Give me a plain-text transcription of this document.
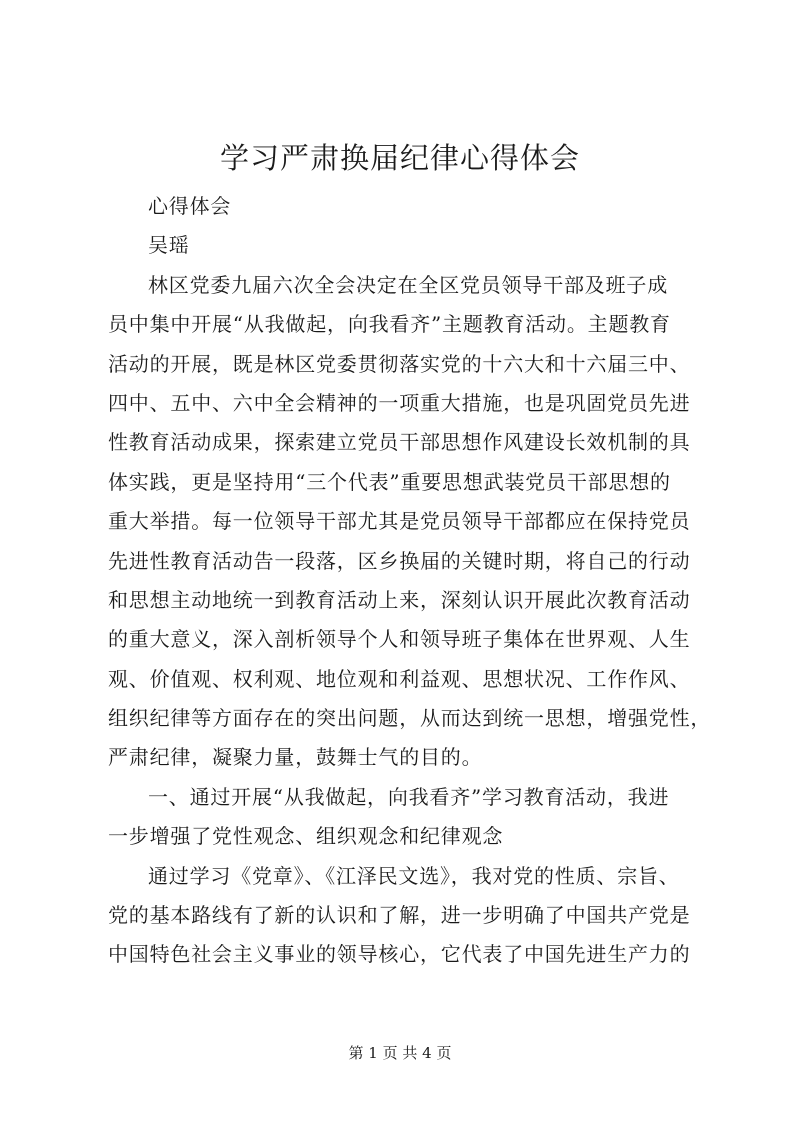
学习严肃换届纪律心得体会
心得体会
吴瑶
林区党委九届六次全会决定在全区党员领导干部及班子成
员中集中开展“从我做起，向我看齐”主题教育活动。主题教育
活动的开展，既是林区党委贯彻落实党的十六大和十六届三中、
四中、五中、六中全会精神的一项重大措施，也是巩固党员先进
性教育活动成果，探索建立党员干部思想作风建设长效机制的具
体实践，更是坚持用“三个代表”重要思想武装党员干部思想的
重大举措。每一位领导干部尤其是党员领导干部都应在保持党员
先进性教育活动告一段落，区乡换届的关键时期，将自己的行动
和思想主动地统一到教育活动上来，深刻认识开展此次教育活动
的重大意义，深入剖析领导个人和领导班子集体在世界观、人生
观、价值观、权利观、地位观和利益观、思想状况、工作作风、
组织纪律等方面存在的突出问题，从而达到统一思想，增强党性，
严肃纪律，凝聚力量，鼓舞士气的目的。
一、通过开展“从我做起，向我看齐”学习教育活动，我进
一步增强了党性观念、组织观念和纪律观念
通过学习《党章》、《江泽民文选》，我对党的性质、宗旨、
党的基本路线有了新的认识和了解，进一步明确了中国共产党是
中国特色社会主义事业的领导核心，它代表了中国先进生产力的
第 1 页 共 4 页
